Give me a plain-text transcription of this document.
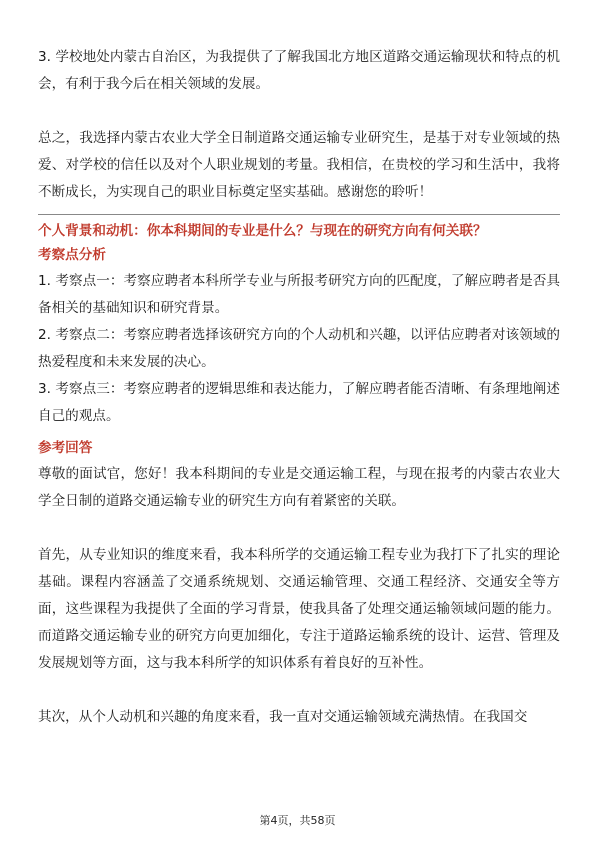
3. 学校地处内蒙古自治区，为我提供了了解我国北方地区道路交通运输现状和特点的机会，有利于我今后在相关领域的发展。

总之，我选择内蒙古农业大学全日制道路交通运输专业研究生，是基于对专业领域的热爱、对学校的信任以及对个人职业规划的考量。我相信，在贵校的学习和生活中，我将不断成长，为实现自己的职业目标奠定坚实基础。感谢您的聆听！

个人背景和动机：你本科期间的专业是什么？与现在的研究方向有何关联？

考察点分析

1. 考察点一：考察应聘者本科所学专业与所报考研究方向的匹配度，了解应聘者是否具备相关的基础知识和研究背景。

2. 考察点二：考察应聘者选择该研究方向的个人动机和兴趣，以评估应聘者对该领域的热爱程度和未来发展的决心。

3. 考察点三：考察应聘者的逻辑思维和表达能力，了解应聘者能否清晰、有条理地阐述自己的观点。

参考回答

尊敬的面试官，您好！我本科期间的专业是交通运输工程，与现在报考的内蒙古农业大学全日制的道路交通运输专业的研究生方向有着紧密的关联。

首先，从专业知识的维度来看，我本科所学的交通运输工程专业为我打下了扎实的理论基础。课程内容涵盖了交通系统规划、交通运输管理、交通工程经济、交通安全等方面，这些课程为我提供了全面的学习背景，使我具备了处理交通运输领域问题的能力。而道路交通运输专业的研究方向更加细化，专注于道路运输系统的设计、运营、管理及发展规划等方面，这与我本科所学的知识体系有着良好的互补性。

其次，从个人动机和兴趣的角度来看，我一直对交通运输领域充满热情。在我国交

第4页，共58页
